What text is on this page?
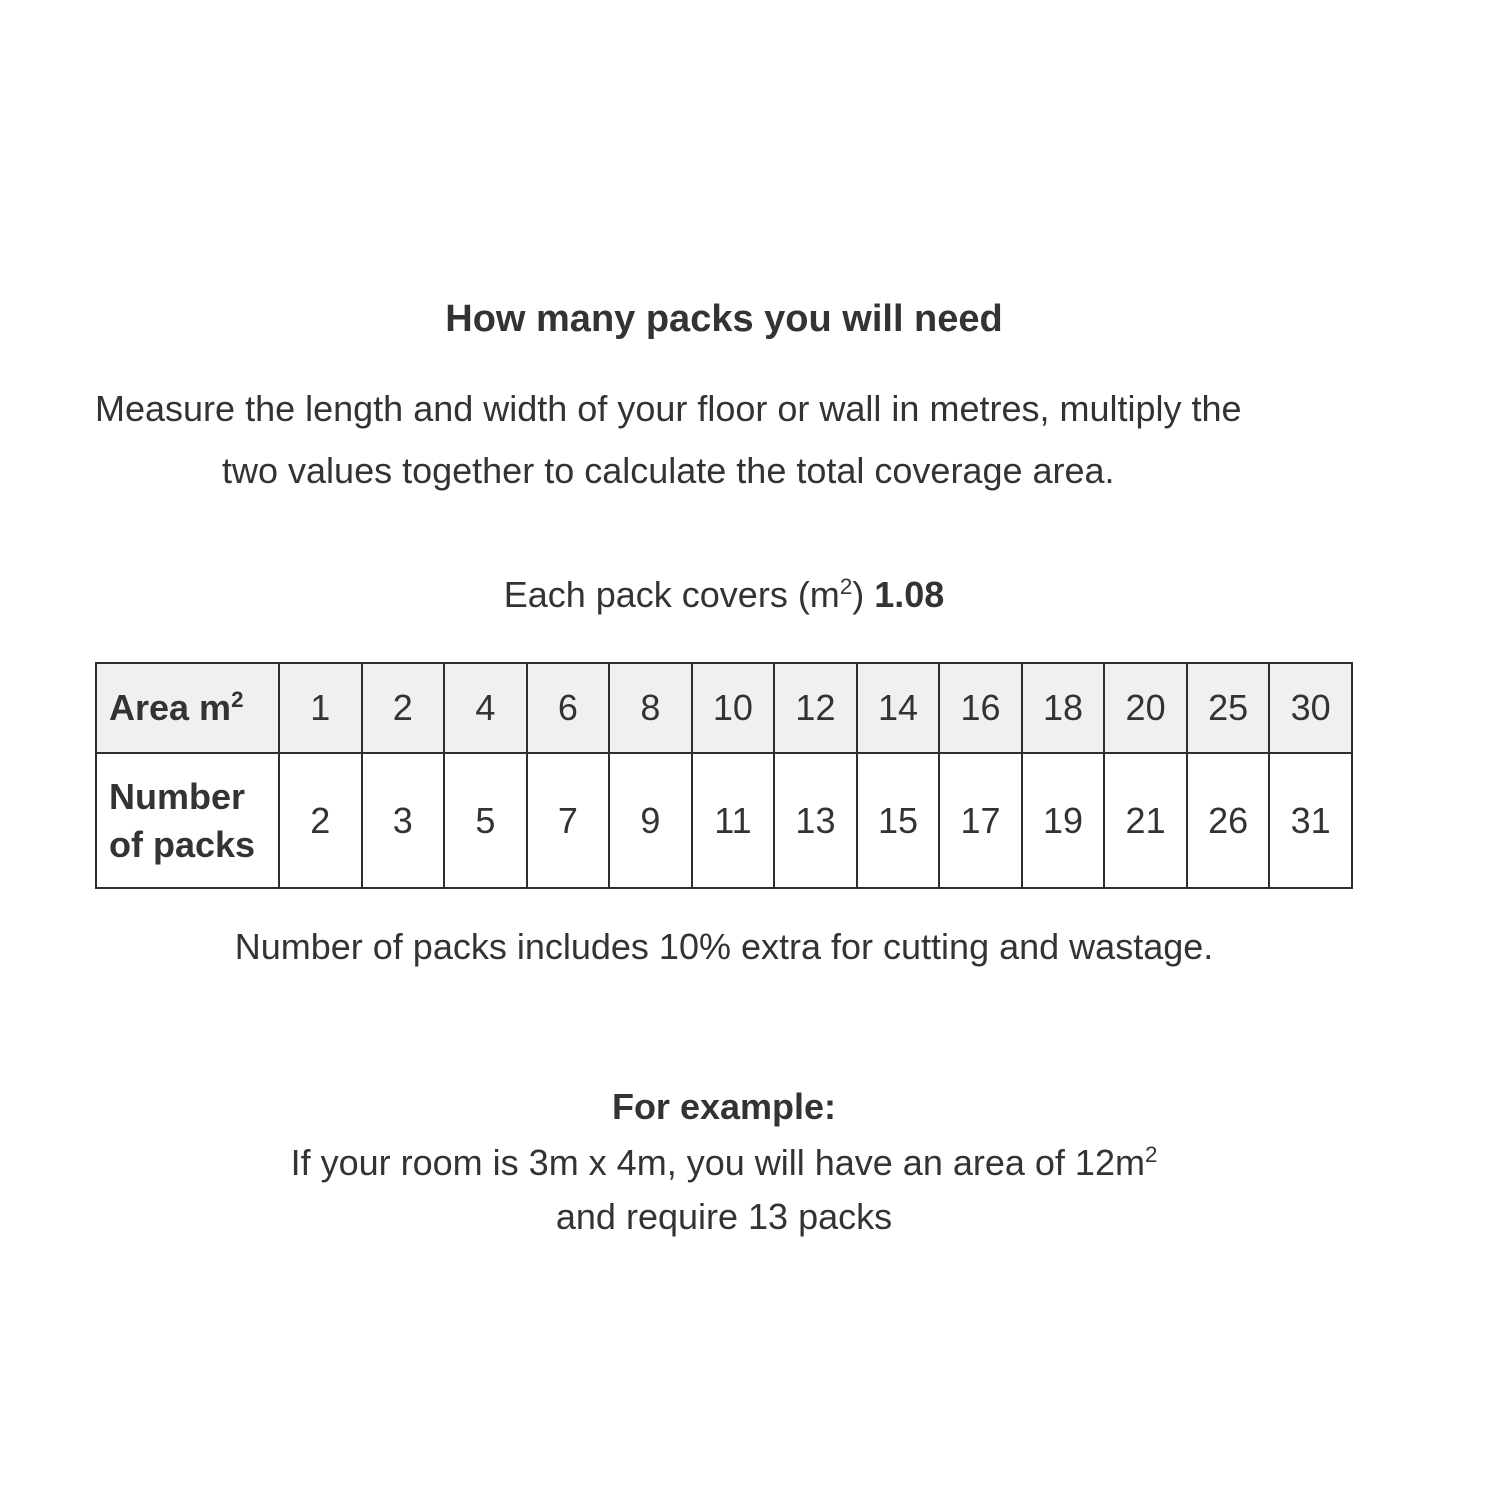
How many packs you will need
Measure the length and width of your floor or wall in metres, multiply the
two values together to calculate the total coverage area.
Each pack covers $(m^2)$ 1.08
Area $m^2$	1	2	4	6	8	10	12	14	16	18	20	25	30
Number of packs	2	3	5	7	9	11	13	15	17	19	21	26	31
Number of packs includes 10% extra for cutting and wastage.
For example:
If your room is 3m x 4m, you will have an area of $12m^2$
and require 13 packs
